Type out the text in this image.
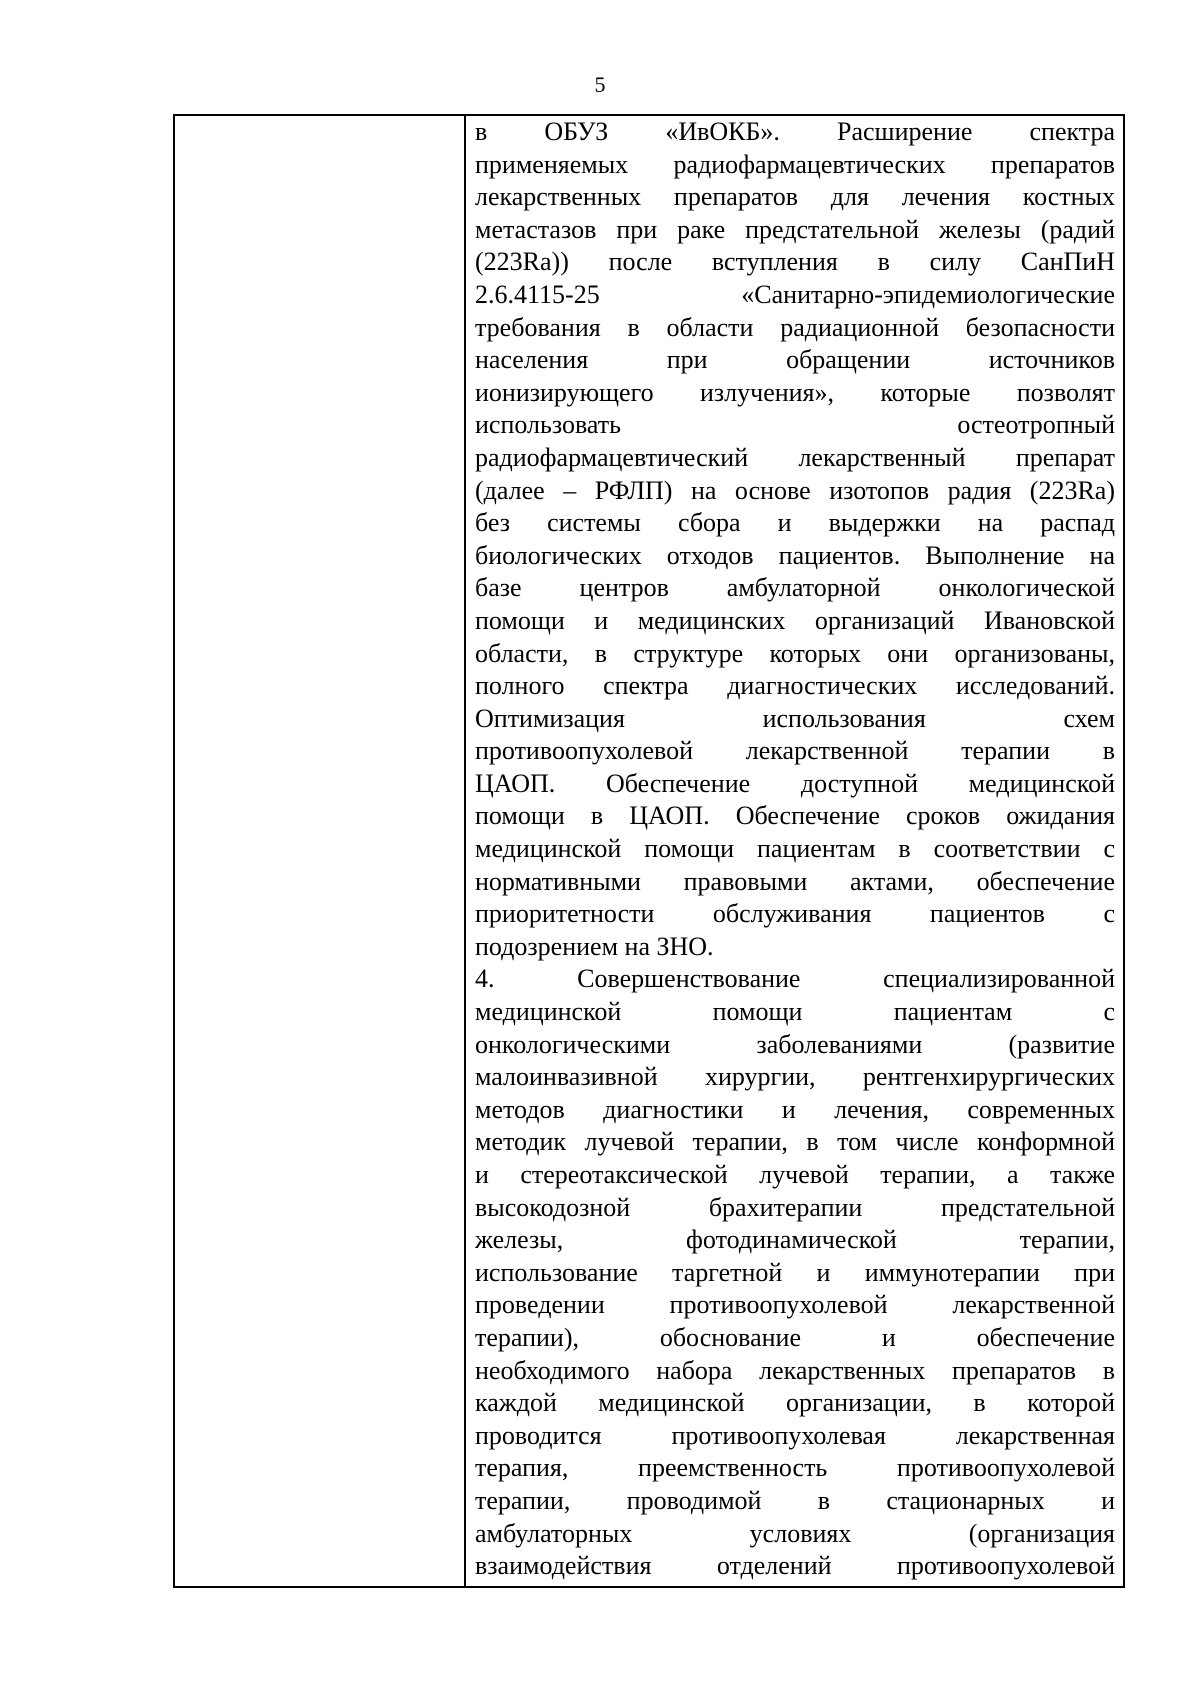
5

в ОБУЗ «ИвОКБ». Расширение спектра
применяемых радиофармацевтических препаратов
лекарственных препаратов для лечения костных
метастазов при раке предстательной железы (радий
(223Ra)) после вступления в силу СанПиН
2.6.4115-25 «Санитарно-эпидемиологические
требования в области радиационной безопасности
населения при обращении источников
ионизирующего излучения», которые позволят
использовать остеотропный
радиофармацевтический лекарственный препарат
(далее – РФЛП) на основе изотопов радия (223Ra)
без системы сбора и выдержки на распад
биологических отходов пациентов. Выполнение на
базе центров амбулаторной онкологической
помощи и медицинских организаций Ивановской
области, в структуре которых они организованы,
полного спектра диагностических исследований.
Оптимизация использования схем
противоопухолевой лекарственной терапии в
ЦАОП. Обеспечение доступной медицинской
помощи в ЦАОП. Обеспечение сроков ожидания
медицинской помощи пациентам в соответствии с
нормативными правовыми актами, обеспечение
приоритетности обслуживания пациентов с
подозрением на ЗНО.
4. Совершенствование специализированной
медицинской помощи пациентам с
онкологическими заболеваниями (развитие
малоинвазивной хирургии, рентгенхирургических
методов диагностики и лечения, современных
методик лучевой терапии, в том числе конформной
и стереотаксической лучевой терапии, а также
высокодозной брахитерапии предстательной
железы, фотодинамической терапии,
использование таргетной и иммунотерапии при
проведении противоопухолевой лекарственной
терапии), обоснование и обеспечение
необходимого набора лекарственных препаратов в
каждой медицинской организации, в которой
проводится противоопухолевая лекарственная
терапия, преемственность противоопухолевой
терапии, проводимой в стационарных и
амбулаторных условиях (организация
взаимодействия отделений противоопухолевой
